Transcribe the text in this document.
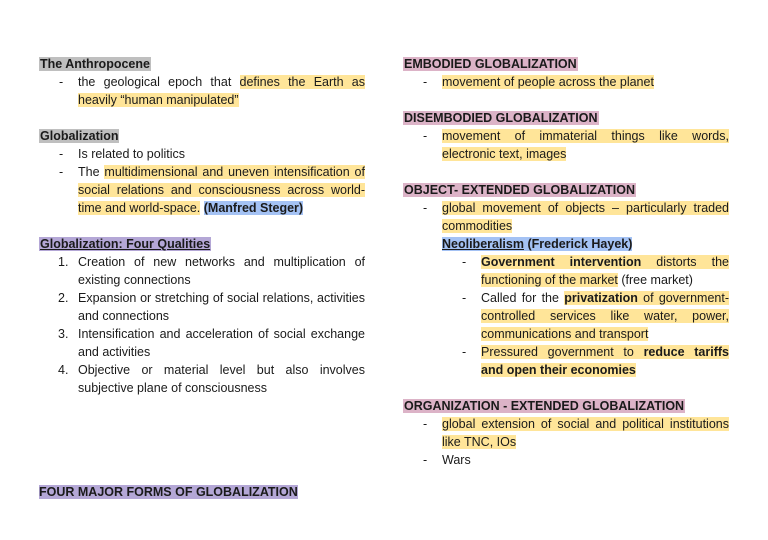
The Anthropocene
- the geological epoch that defines the Earth as heavily “human manipulated”
Globalization
- Is related to politics
- The multidimensional and uneven intensification of social relations and consciousness across world-time and world-space. (Manfred Steger)
Globalization: Four Qualities
1. Creation of new networks and multiplication of existing connections
2. Expansion or stretching of social relations, activities and connections
3. Intensification and acceleration of social exchange and activities
4. Objective or material level but also involves subjective plane of consciousness
FOUR MAJOR FORMS OF GLOBALIZATION
EMBODIED GLOBALIZATION
- movement of people across the planet
DISEMBODIED GLOBALIZATION
- movement of immaterial things like words, electronic text, images
OBJECT- EXTENDED GLOBALIZATION
- global movement of objects – particularly traded commodities
Neoliberalism (Frederick Hayek)
- Government intervention distorts the functioning of the market (free market)
- Called for the privatization of government-controlled services like water, power, communications and transport
- Pressured government to reduce tariffs and open their economies
ORGANIZATION - EXTENDED GLOBALIZATION
- global extension of social and political institutions like TNC, IOs
- Wars
